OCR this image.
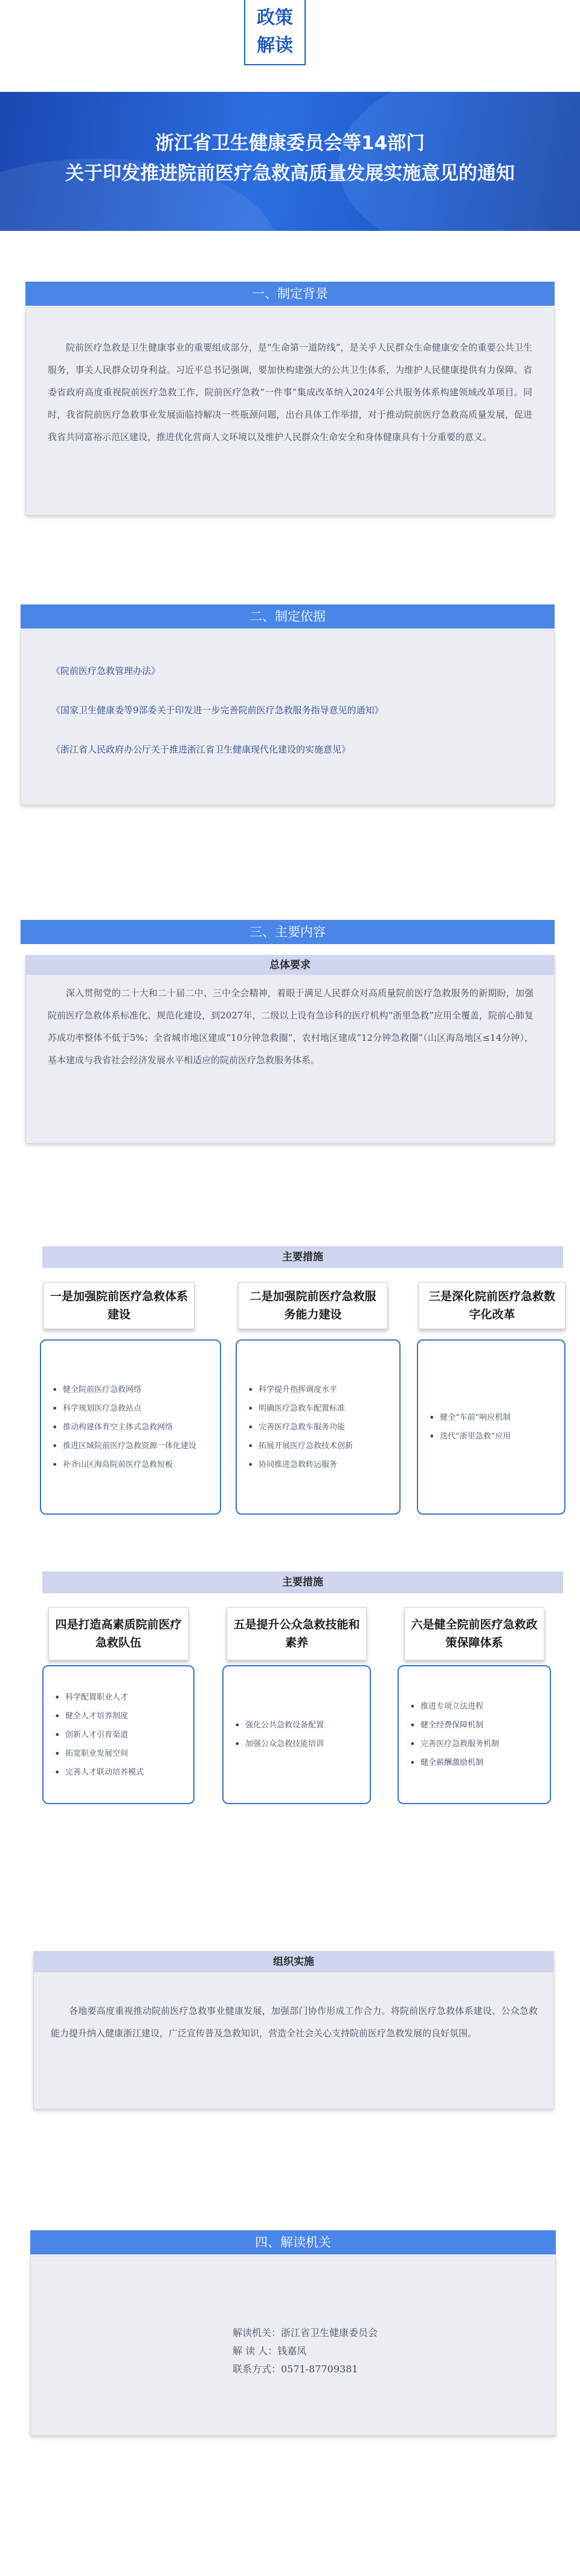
政策
解读
浙江省卫生健康委员会等14部门
关于印发推进院前医疗急救高质量发展实施意见的通知
一、制定背景

院前医疗急救是卫生健康事业的重要组成部分，是“生命第一道防线”，是关乎人民群众生命健康安全的重要公共卫生服务，事关人民群众切身利益。习近平总书记强调，要加快构建强大的公共卫生体系，为维护人民健康提供有力保障。省委省政府高度重视院前医疗急救工作，院前医疗急救“一件事”集成改革纳入2024年公共服务体系构建领域改革项目。同时，我省院前医疗急救事业发展面临持解决一些瓶颈问题，出台具体工作举措，对于推动院前医疗急救高质量发展，促进我省共同富裕示范区建设，推进优化营商人文环境以及维护人民群众生命安全和身体健康具有十分重要的意义。

二、制定依据
《院前医疗急救管理办法》
《国家卫生健康委等9部委关于印发进一步完善院前医疗急救服务指导意见的通知》
《浙江省人民政府办公厅关于推进浙江省卫生健康现代化建设的实施意见》
三、主要内容
总体要求

深入贯彻党的二十大和二十届二中、三中全会精神，着眼于满足人民群众对高质量院前医疗急救服务的新期盼，加强院前医疗急救体系标准化、规范化建设，到2027年，二级以上设有急诊科的医疗机构“浙里急救”应用全覆盖，院前心肺复苏成功率整体不低于5%；全省城市地区建成“10分钟急救圈”，农村地区建成“12分钟急救圈”（山区海岛地区≤14分钟），基本建成与我省社会经济发展水平相适应的院前医疗急救服务体系。

主要措施
一是加强院前医疗急救体系建设
二是加强院前医疗急救服务能力建设
三是深化院前医疗急救数字化改革
• 健全院前医疗急救网络
• 科学规划医疗急救站点
• 推动构建体育空主体式急救网络
• 推进区域院前医疗急救资源一体化建设
• 补齐山区海岛院前医疗急救短板
• 科学提升指挥调度水平
• 明确医疗急救车配置标准
• 完善医疗急救车服务功能
• 拓展开展医疗急救技术创新
• 协同推进急救转运服务
• 健全“车前”响应机制
• 迭代“浙里急救”应用
主要措施
四是打造高素质院前医疗急救队伍
五是提升公众急救技能和素养
六是健全院前医疗急救政策保障体系
• 科学配置职业人才
• 健全人才培养制度
• 创新人才引育渠道
• 拓宽职业发展空间
• 完善人才联动培养模式
• 强化公共急救设备配置
• 加强公众急救技能培训
• 推进专项立法进程
• 健全经费保障机制
• 完善医疗急救服务机制
• 健全薪酬激励机制
组织实施

各地要高度重视推动院前医疗急救事业健康发展，加强部门协作形成工作合力。将院前医疗急救体系建设、公众急救能力提升纳入健康浙江建设，广泛宣传普及急救知识，营造全社会关心支持院前医疗急救发展的良好氛围。

四、解读机关
解读机关：浙江省卫生健康委员会
解 读 人：钱嘉凤
联系方式：0571-87709381
